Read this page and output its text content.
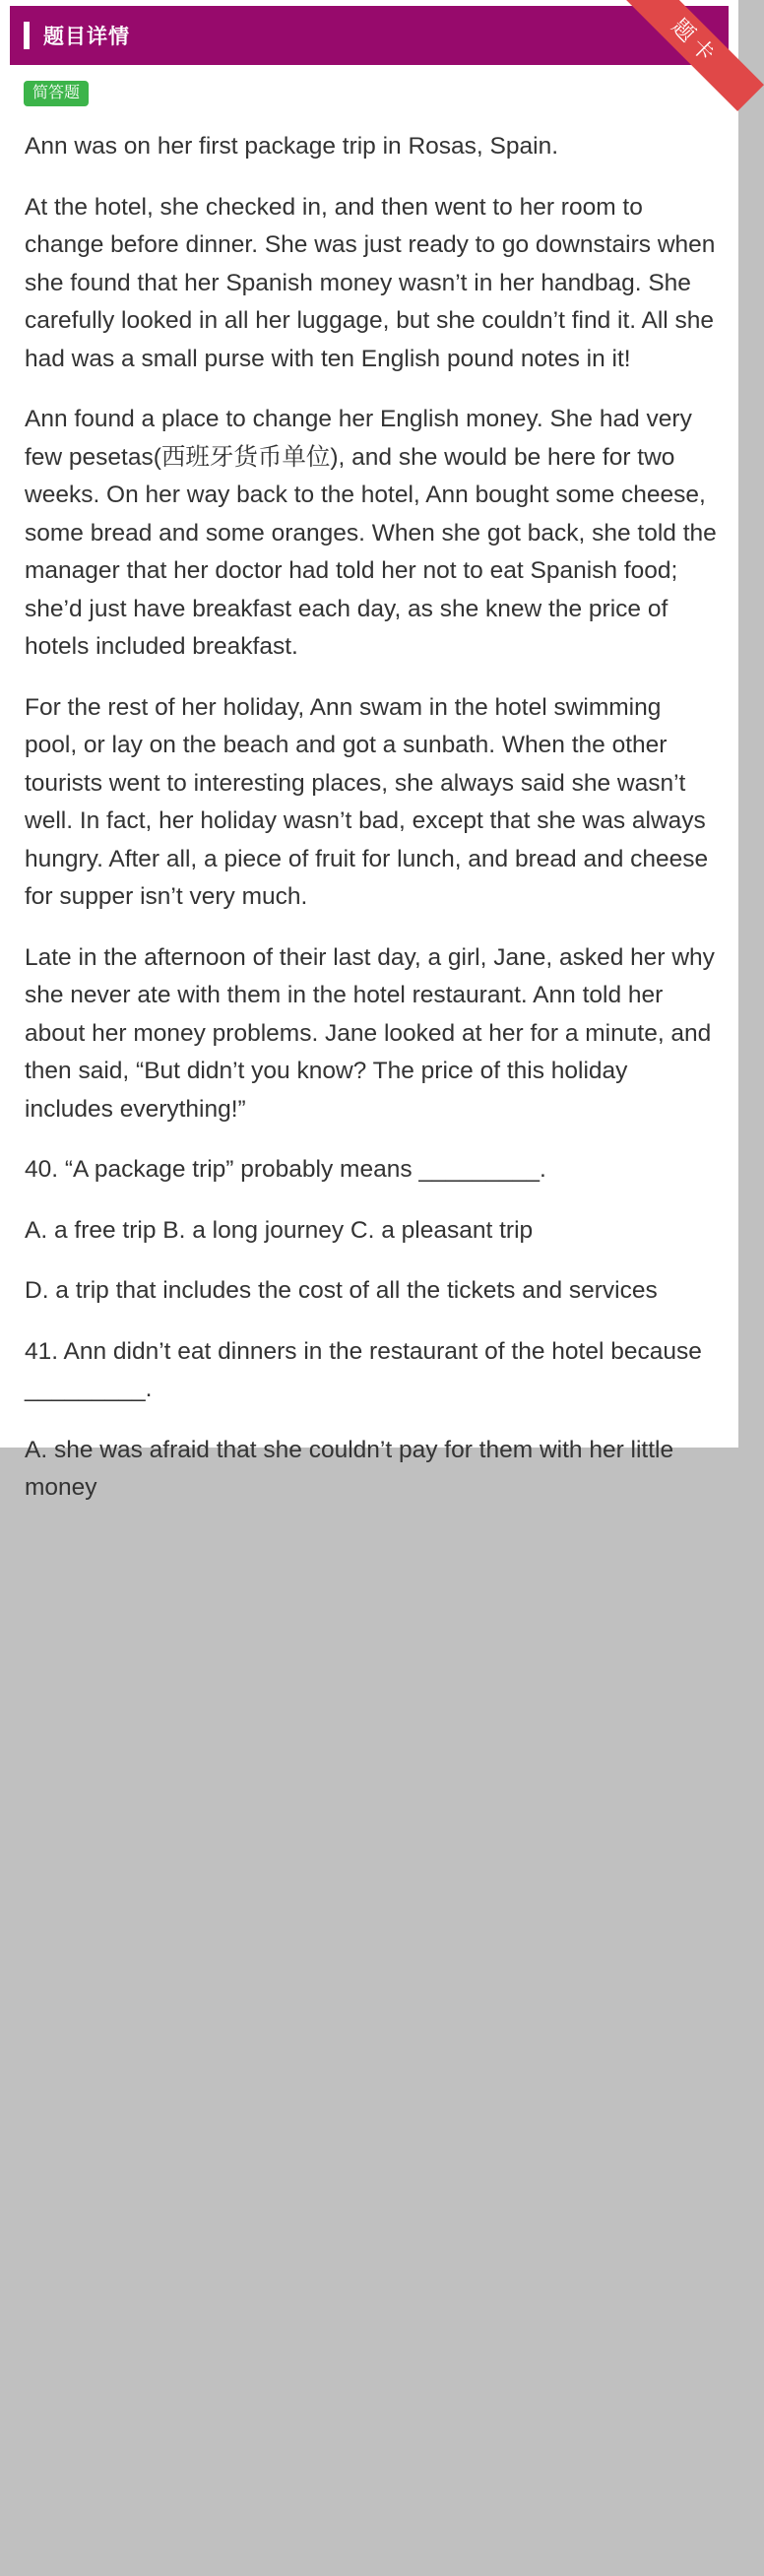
题目详情	题卡
简答题

Ann was on her first package trip in Rosas, Spain.

At the hotel, she checked in, and then went to her room to change before dinner. She was just ready to go downstairs when she found that her Spanish money wasn’t in her handbag. She carefully looked in all her luggage, but she couldn’t find it. All she had was a small purse with ten English pound notes in it!

Ann found a place to change her English money. She had very few pesetas(西班牙货币单位), and she would be here for two weeks. On her way back to the hotel, Ann bought some cheese, some bread and some oranges. When she got back, she told the manager that her doctor had told her not to eat Spanish food; she’d just have breakfast each day, as she knew the price of hotels included breakfast.

For the rest of her holiday, Ann swam in the hotel swimming pool, or lay on the beach and got a sunbath. When the other tourists went to interesting places, she always said she wasn’t well. In fact, her holiday wasn’t bad, except that she was always hungry. After all, a piece of fruit for lunch, and bread and cheese for supper isn’t very much.

Late in the afternoon of their last day, a girl, Jane, asked her why she never ate with them in the hotel restaurant. Ann told her about her money problems. Jane looked at her for a minute, and then said, “But didn’t you know? The price of this holiday includes everything!”

40. “A package trip” probably means _________.

A. a free trip B. a long journey C. a pleasant trip

D. a trip that includes the cost of all the tickets and services

41. Ann didn’t eat dinners in the restaurant of the hotel because _________.

A. she was afraid that she couldn’t pay for them with her little money
